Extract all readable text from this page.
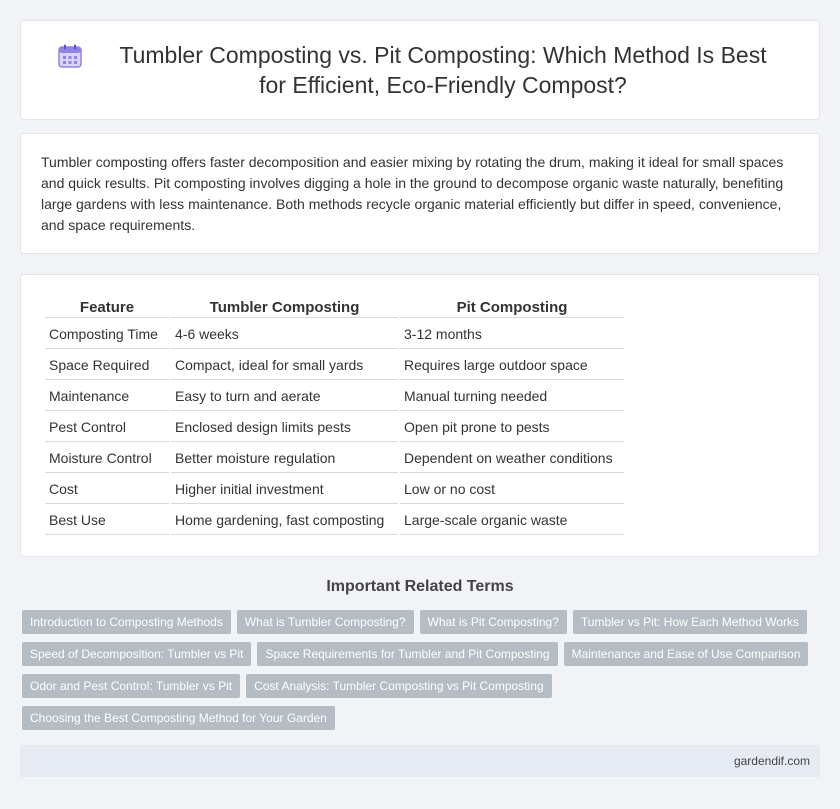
Tumbler Composting vs. Pit Composting: Which Method Is Best for Efficient, Eco-Friendly Compost?

Tumbler composting offers faster decomposition and easier mixing by rotating the drum, making it ideal for small spaces and quick results. Pit composting involves digging a hole in the ground to decompose organic waste naturally, benefiting large gardens with less maintenance. Both methods recycle organic material efficiently but differ in speed, convenience, and space requirements.

Feature	Tumbler Composting	Pit Composting
Composting Time	4-6 weeks	3-12 months
Space Required	Compact, ideal for small yards	Requires large outdoor space
Maintenance	Easy to turn and aerate	Manual turning needed
Pest Control	Enclosed design limits pests	Open pit prone to pests
Moisture Control	Better moisture regulation	Dependent on weather conditions
Cost	Higher initial investment	Low or no cost
Best Use	Home gardening, fast composting	Large-scale organic waste
Important Related Terms
Introduction to Composting Methods	What is Tumbler Composting?	What is Pit Composting?	Tumbler vs Pit: How Each Method Works
Speed of Decomposition: Tumbler vs Pit	Space Requirements for Tumbler and Pit Composting	Maintenance and Ease of Use Comparison
Odor and Pest Control: Tumbler vs Pit	Cost Analysis: Tumbler Composting vs Pit Composting
Choosing the Best Composting Method for Your Garden
gardendif.com
